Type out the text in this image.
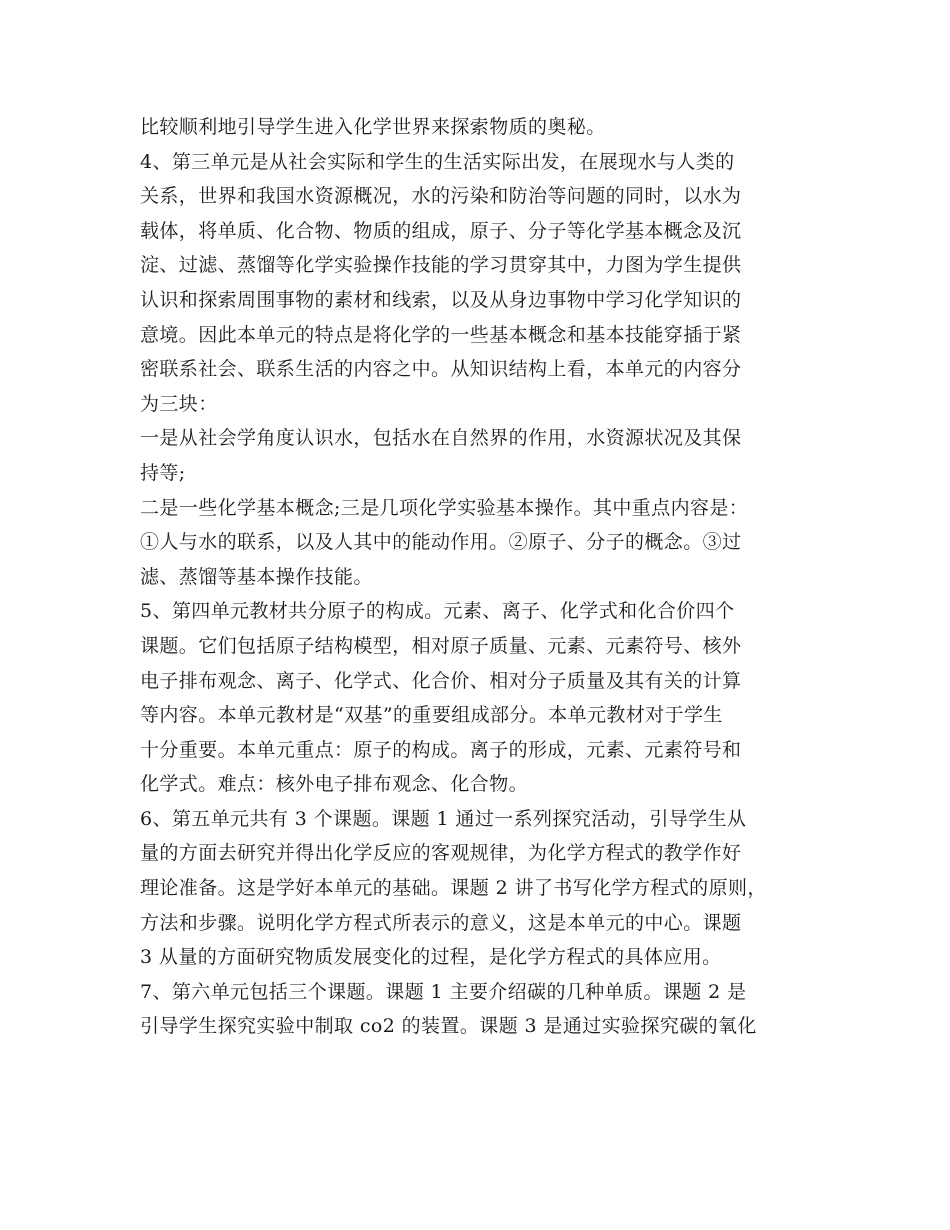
比较顺利地引导学生进入化学世界来探索物质的奥秘。
4、第三单元是从社会实际和学生的生活实际出发，在展现水与人类的
关系，世界和我国水资源概况，水的污染和防治等问题的同时，以水为
载体，将单质、化合物、物质的组成，原子、分子等化学基本概念及沉
淀、过滤、蒸馏等化学实验操作技能的学习贯穿其中，力图为学生提供
认识和探索周围事物的素材和线索，以及从身边事物中学习化学知识的
意境。因此本单元的特点是将化学的一些基本概念和基本技能穿插于紧
密联系社会、联系生活的内容之中。从知识结构上看，本单元的内容分
为三块：
一是从社会学角度认识水，包括水在自然界的作用，水资源状况及其保
持等;
二是一些化学基本概念;三是几项化学实验基本操作。其中重点内容是：
①人与水的联系，以及人其中的能动作用。②原子、分子的概念。③过
滤、蒸馏等基本操作技能。
5、第四单元教材共分原子的构成。元素、离子、化学式和化合价四个
课题。它们包括原子结构模型，相对原子质量、元素、元素符号、核外
电子排布观念、离子、化学式、化合价、相对分子质量及其有关的计算
等内容。本单元教材是“双基”的重要组成部分。本单元教材对于学生
十分重要。本单元重点：原子的构成。离子的形成，元素、元素符号和
化学式。难点：核外电子排布观念、化合物。
6、第五单元共有 3 个课题。课题 1 通过一系列探究活动，引导学生从
量的方面去研究并得出化学反应的客观规律，为化学方程式的教学作好
理论准备。这是学好本单元的基础。课题 2 讲了书写化学方程式的原则，
方法和步骤。说明化学方程式所表示的意义，这是本单元的中心。课题
3 从量的方面研究物质发展变化的过程，是化学方程式的具体应用。
7、第六单元包括三个课题。课题 1 主要介绍碳的几种单质。课题 2 是
引导学生探究实验中制取 co2 的装置。课题 3 是通过实验探究碳的氧化
